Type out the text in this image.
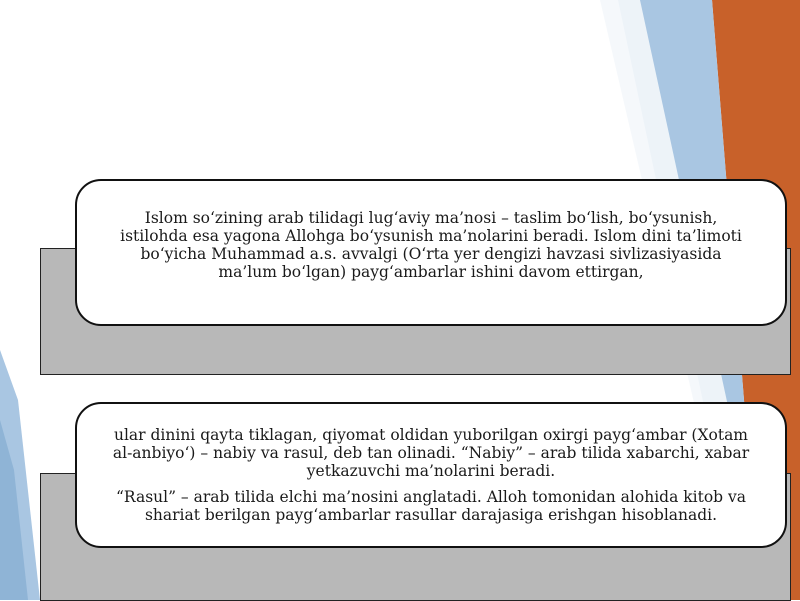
Islom so‘zining arab tilidagi lug‘aviy ma’nosi – taslim bo‘lish, bo‘ysunish, istilohda esa yagona Allohga bo‘ysunish ma’nolarini beradi. Islom dini ta’limoti bo‘yicha Muhammad a.s. avvalgi (O‘rta yer dengizi havzasi sivlizasiyasida ma’lum bo‘lgan) payg‘ambarlar ishini davom ettirgan,

ular dinini qayta tiklagan, qiyomat oldidan yuborilgan oxirgi payg‘ambar (Xotam al-anbiyo‘) – nabiy va rasul, deb tan olinadi. “Nabiy” – arab tilida xabarchi, xabar yetkazuvchi ma’nolarini beradi.

“Rasul” – arab tilida elchi ma’nosini anglatadi. Alloh tomonidan alohida kitob va shariat berilgan payg‘ambarlar rasullar darajasiga erishgan hisoblanadi.
